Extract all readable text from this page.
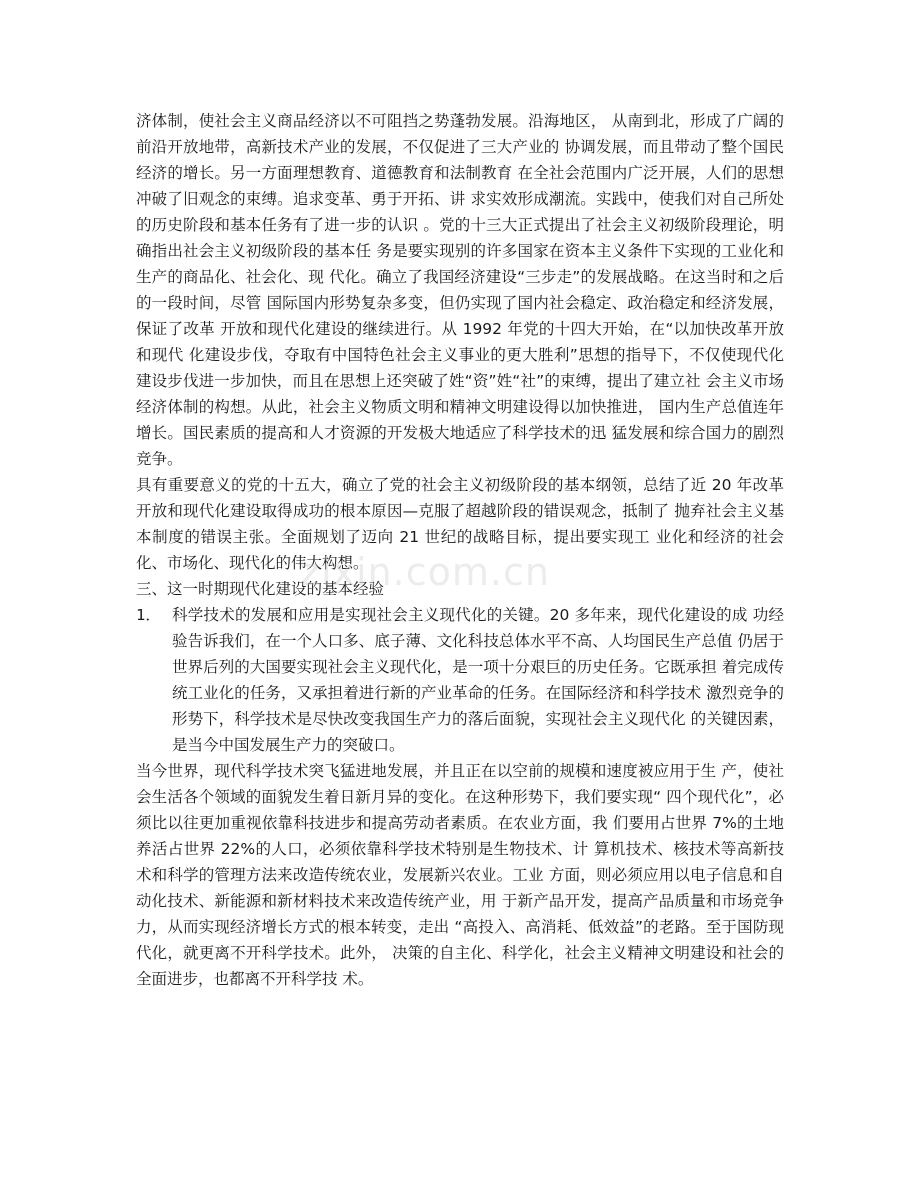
济体制，使社会主义商品经济以不可阻挡之势蓬勃发展。沿海地区， 从南到北，形成了广阔的前沿开放地带，高新技术产业的发展，不仅促进了三大产业的 协调发展，而且带动了整个国民经济的增长。另一方面理想教育、道德教育和法制教育 在全社会范围内广泛开展，人们的思想冲破了旧观念的束缚。追求变革、勇于开拓、讲 求实效形成潮流。实践中，使我们对自己所处的历史阶段和基本任务有了进一步的认识 。党的十三大正式提出了社会主义初级阶段理论，明确指出社会主义初级阶段的基本任 务是要实现别的许多国家在资本主义条件下实现的工业化和生产的商品化、社会化、现 代化。确立了我国经济建设“三步走”的发展战略。在这当时和之后的一段时间，尽管 国际国内形势复杂多变，但仍实现了国内社会稳定、政治稳定和经济发展，保证了改革 开放和现代化建设的继续进行。从 1992 年党的十四大开始，在“以加快改革开放和现代 化建设步伐，夺取有中国特色社会主义事业的更大胜利”思想的指导下，不仅使现代化 建设步伐进一步加快，而且在思想上还突破了姓“资”姓“社”的束缚，提出了建立社 会主义市场经济体制的构想。从此，社会主义物质文明和精神文明建设得以加快推进， 国内生产总值连年增长。国民素质的提高和人才资源的开发极大地适应了科学技术的迅 猛发展和综合国力的剧烈竞争。

具有重要意义的党的十五大，确立了党的社会主义初级阶段的基本纲领，总结了近 20 年改革开放和现代化建设取得成功的根本原因—克服了超越阶段的错误观念，抵制了 抛弃社会主义基本制度的错误主张。全面规划了迈向 21 世纪的战略目标，提出要实现工 业化和经济的社会化、市场化、现代化的伟大构想。

三、这一时期现代化建设的基本经验

1． 科学技术的发展和应用是实现社会主义现代化的关键。20 多年来，现代化建设的成 功经验告诉我们，在一个人口多、底子薄、文化科技总体水平不高、人均国民生产总值 仍居于世界后列的大国要实现社会主义现代化，是一项十分艰巨的历史任务。它既承担 着完成传统工业化的任务，又承担着进行新的产业革命的任务。在国际经济和科学技术 激烈竞争的形势下，科学技术是尽快改变我国生产力的落后面貌，实现社会主义现代化 的关键因素，是当今中国发展生产力的突破口。

当今世界，现代科学技术突飞猛进地发展，并且正在以空前的规模和速度被应用于生 产，使社会生活各个领域的面貌发生着日新月异的变化。在这种形势下，我们要实现“ 四个现代化”，必须比以往更加重视依靠科技进步和提高劳动者素质。在农业方面，我 们要用占世界 7%的土地养活占世界 22%的人口，必须依靠科学技术特别是生物技术、计 算机技术、核技术等高新技术和科学的管理方法来改造传统农业，发展新兴农业。工业 方面，则必须应用以电子信息和自动化技术、新能源和新材料技术来改造传统产业，用 于新产品开发，提高产品质量和市场竞争力，从而实现经济增长方式的根本转变，走出 “高投入、高消耗、低效益”的老路。至于国防现代化，就更离不开科学技术。此外， 决策的自主化、科学化，社会主义精神文明建设和社会的全面进步，也都离不开科学技 术。

zixin.com.cn
